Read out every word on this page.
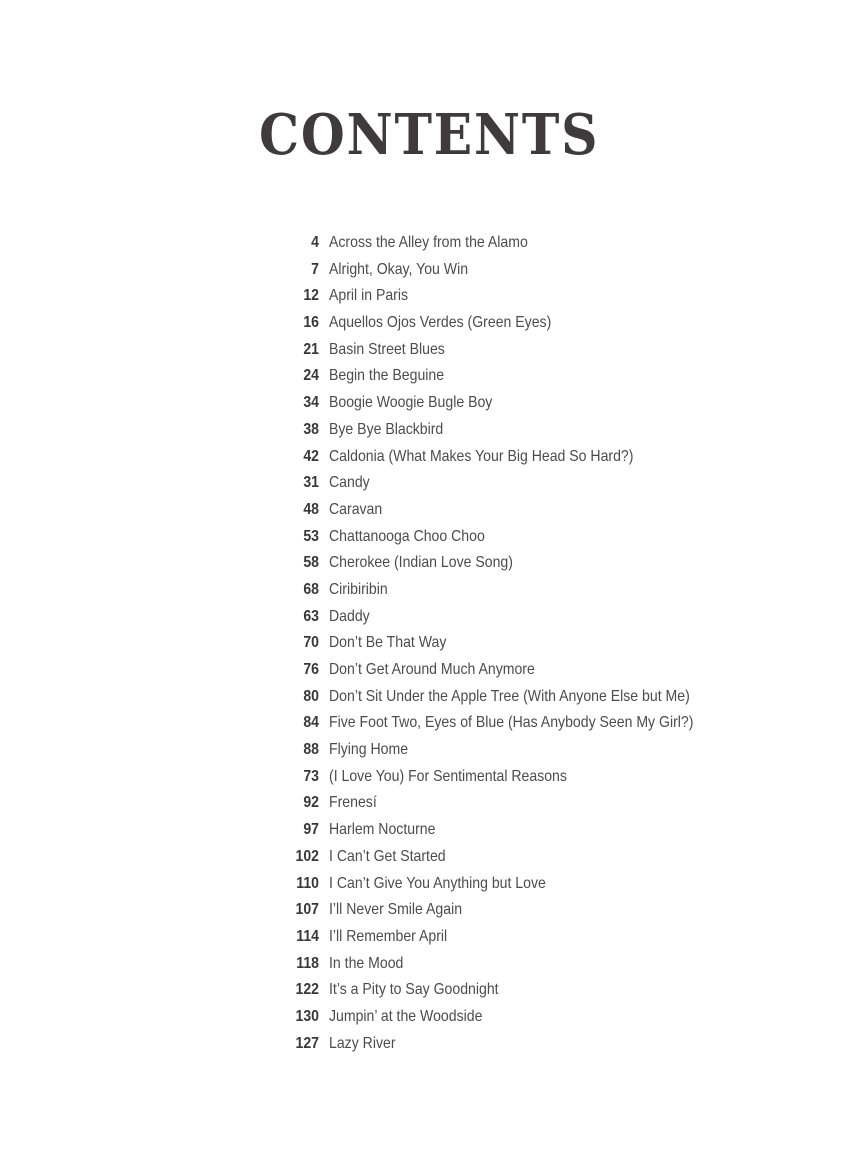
CONTENTS
4 Across the Alley from the Alamo
7 Alright, Okay, You Win
12 April in Paris
16 Aquellos Ojos Verdes (Green Eyes)
21 Basin Street Blues
24 Begin the Beguine
34 Boogie Woogie Bugle Boy
38 Bye Bye Blackbird
42 Caldonia (What Makes Your Big Head So Hard?)
31 Candy
48 Caravan
53 Chattanooga Choo Choo
58 Cherokee (Indian Love Song)
68 Ciribiribin
63 Daddy
70 Don’t Be That Way
76 Don’t Get Around Much Anymore
80 Don’t Sit Under the Apple Tree (With Anyone Else but Me)
84 Five Foot Two, Eyes of Blue (Has Anybody Seen My Girl?)
88 Flying Home
73 (I Love You) For Sentimental Reasons
92 Frenesí
97 Harlem Nocturne
102 I Can’t Get Started
110 I Can’t Give You Anything but Love
107 I’ll Never Smile Again
114 I’ll Remember April
118 In the Mood
122 It’s a Pity to Say Goodnight
130 Jumpin’ at the Woodside
127 Lazy River
